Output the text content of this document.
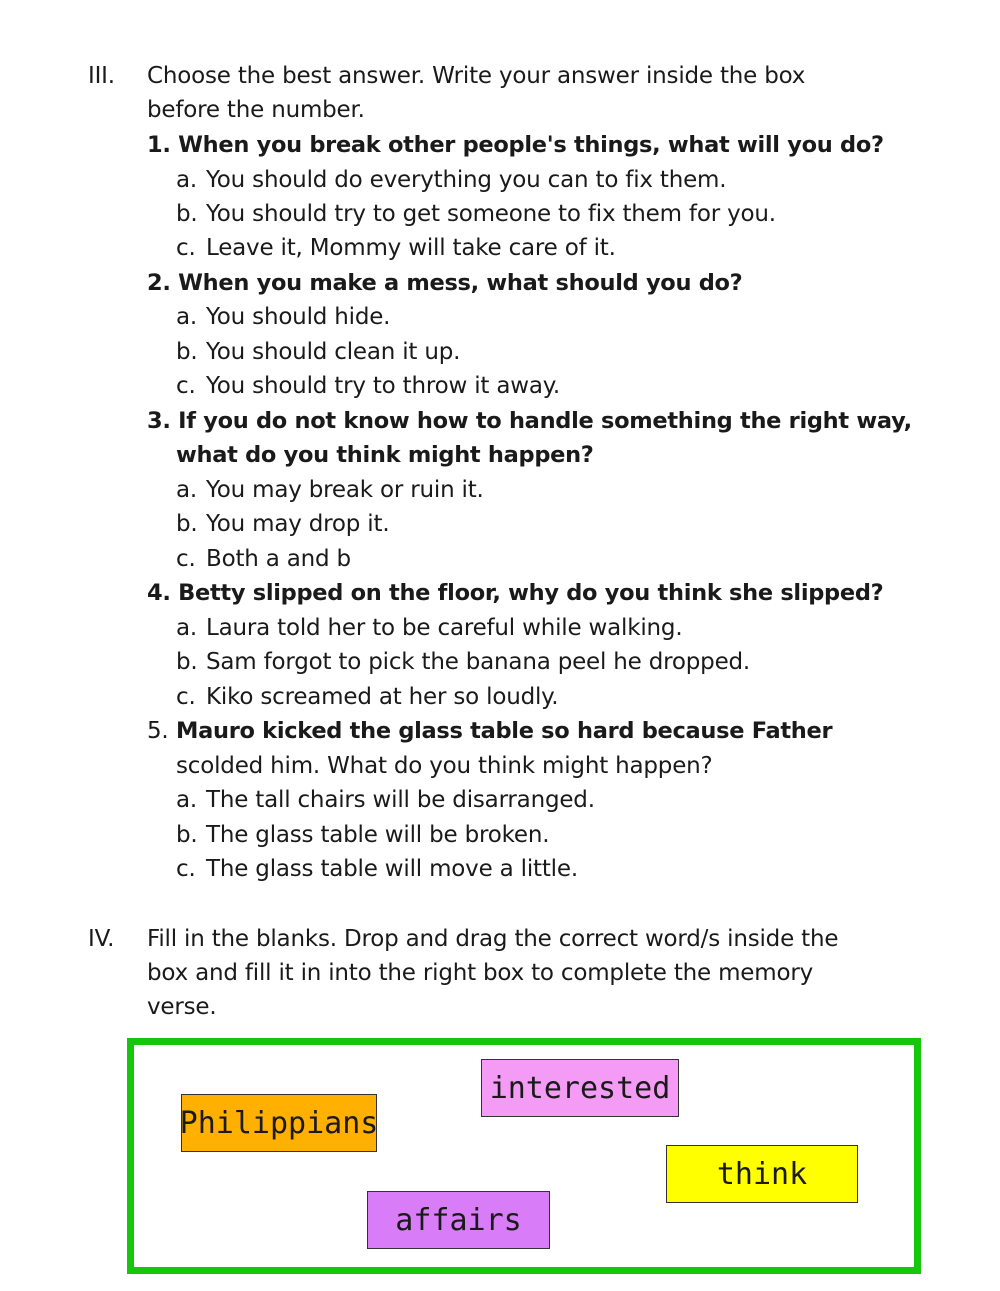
III. Choose the best answer. Write your answer inside the box
before the number.
1. When you break other people's things, what will you do?
a. You should do everything you can to fix them.
b. You should try to get someone to fix them for you.
c. Leave it, Mommy will take care of it.
2. When you make a mess, what should you do?
a. You should hide.
b. You should clean it up.
c. You should try to throw it away.
3. If you do not know how to handle something the right way,
what do you think might happen?
a. You may break or ruin it.
b. You may drop it.
c. Both a and b
4. Betty slipped on the floor, why do you think she slipped?
a. Laura told her to be careful while walking.
b. Sam forgot to pick the banana peel he dropped.
c. Kiko screamed at her so loudly.
5. Mauro kicked the glass table so hard because Father
scolded him. What do you think might happen?
a. The tall chairs will be disarranged.
b. The glass table will be broken.
c. The glass table will move a little.
IV. Fill in the blanks. Drop and drag the correct word/s inside the
box and fill it in into the right box to complete the memory
verse.
interested
Philippians
think
affairs
